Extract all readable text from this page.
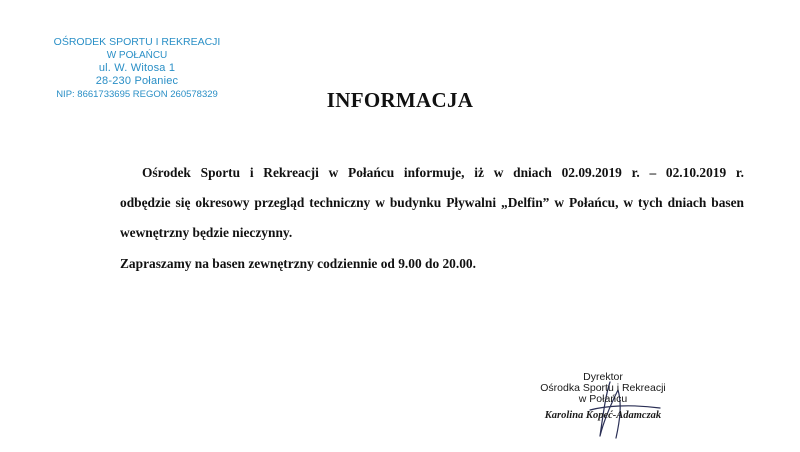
OŚRODEK SPORTU I REKREACJI
W POŁAŃCU
ul. W. Witosa 1
28-230 Połaniec
NIP: 8661733695 REGON 260578329	INFORMACJA

Ośrodek Sportu i Rekreacji w Połańcu informuje, iż w dniach 02.09.2019 r. – 02.10.2019 r.
odbędzie się okresowy przegląd techniczny w budynku Pływalni „Delfin” w Połańcu, w tych dniach basen wewnętrzny będzie nieczynny.

Zapraszamy na basen zewnętrzny codziennie od 9.00 do 20.00.

Dyrektor
Ośrodka Sportu i Rekreacji
w Połańcu
Karolina Kopeć-Adamczak
